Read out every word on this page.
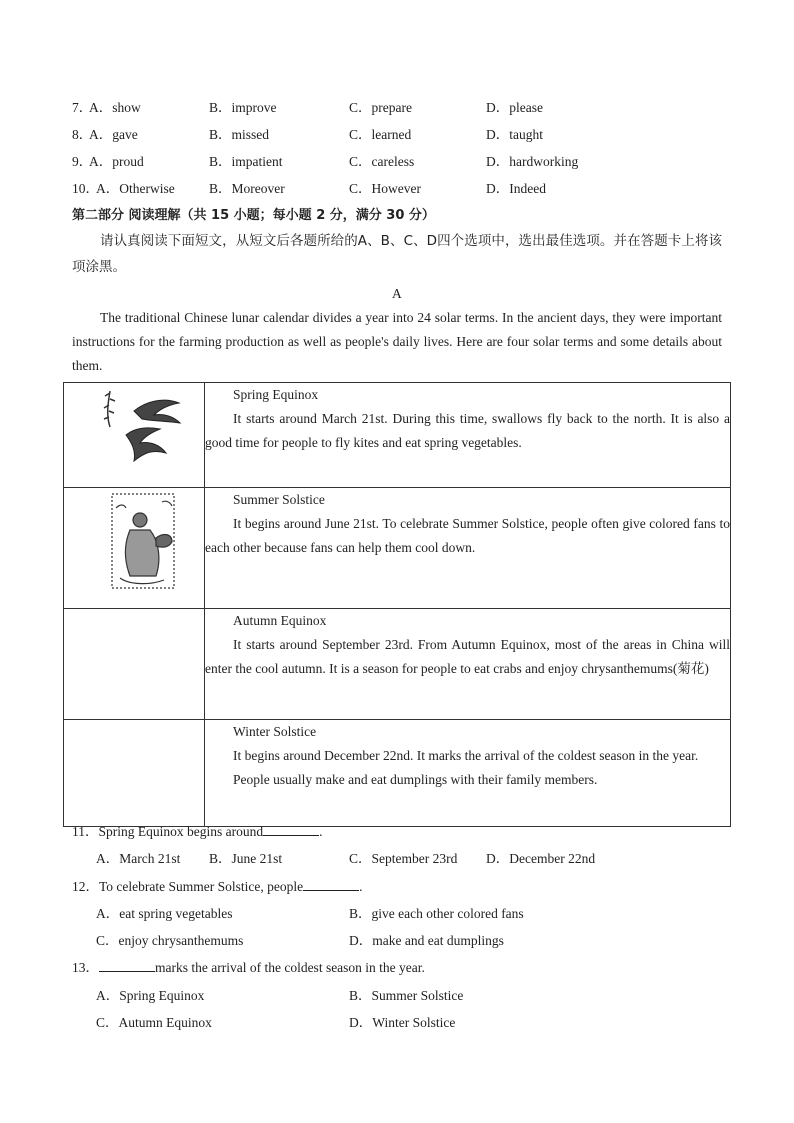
7．
A．show	B．improve	C．prepare	D．please
8．
A．gave	B．missed	C．learned	D．taught
9．
A．proud	B．impatient	C．careless	D．hardworking
10．
A．Otherwise	B．Moreover	C．However	D．Indeed
第二部分 阅读理解（共 15 小题；每小题 2 分，满分 30 分）
请认真阅读下面短文，从短文后各题所给的A、B、C、D四个选项中，选出最佳选项。并在答题卡上将该项涂黑。
A
The traditional Chinese lunar calendar divides a year into 24 solar terms. In the ancient days, they were important instructions for the farming production as well as people's daily lives. Here are four solar terms and some details about them.

Spring Equinox
It starts around March 21st. During this time, swallows fly back to the north. It is also a good time for people to fly kites and eat spring vegetables.

Summer Solstice
It begins around June 21st. To celebrate Summer Solstice, people often give colored fans to each other because fans can help them cool down.

	Autumn Equinox
It starts around September 23rd. From Autumn Equinox, most of the areas in China will enter the cool autumn. It is a season for people to eat crabs and enjoy chrysanthemums(菊花)

	Winter Solstice
It begins around December 22nd. It marks the arrival of the coldest season in the year.
People usually make and eat dumplings with their family members.
11．Spring Equinox begins around	.
A．March 21st B．June 21st	C．September 23rd D．December 22nd
12．To celebrate Summer Solstice, people	.
A．eat spring vegetables	B．give each other colored fans
C．enjoy chrysanthemums	D．make and eat dumplings
13．	marks the arrival of the coldest season in the year.
A．Spring Equinox	B．Summer Solstice
C．Autumn Equinox	D．Winter Solstice
